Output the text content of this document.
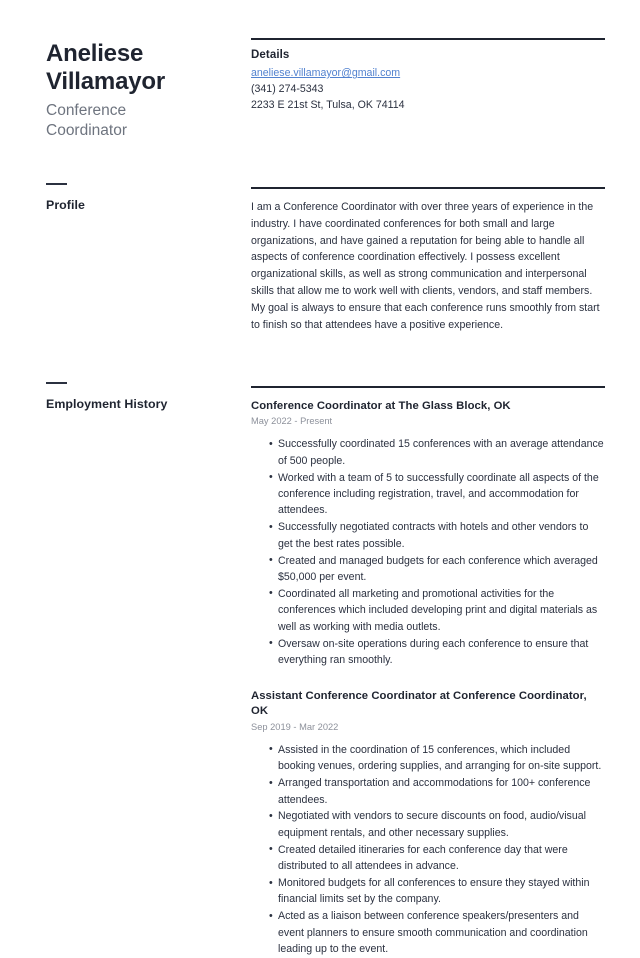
Aneliese Villamayor
Conference Coordinator
Details
aneliese.villamayor@gmail.com
(341) 274-5343
2233 E 21st St, Tulsa, OK 74114
Profile	I am a Conference Coordinator with over three years of experience in the industry. I have coordinated conferences for both small and large organizations, and have gained a reputation for being able to handle all aspects of conference coordination effectively. I possess excellent organizational skills, as well as strong communication and interpersonal skills that allow me to work well with clients, vendors, and staff members. My goal is always to ensure that each conference runs smoothly from start to finish so that attendees have a positive experience.

Employment History	Conference Coordinator at The Glass Block, OK
May 2022 - Present
• Successfully coordinated 15 conferences with an average attendance of 500 people.
• Worked with a team of 5 to successfully coordinate all aspects of the conference including registration, travel, and accommodation for attendees.
• Successfully negotiated contracts with hotels and other vendors to get the best rates possible.
• Created and managed budgets for each conference which averaged $50,000 per event.
• Coordinated all marketing and promotional activities for the conferences which included developing print and digital materials as well as working with media outlets.
• Oversaw on-site operations during each conference to ensure that everything ran smoothly.
Assistant Conference Coordinator at Conference Coordinator, OK
Sep 2019 - Mar 2022
• Assisted in the coordination of 15 conferences, which included booking venues, ordering supplies, and arranging for on-site support.
• Arranged transportation and accommodations for 100+ conference attendees.
• Negotiated with vendors to secure discounts on food, audio/visual equipment rentals, and other necessary supplies.
• Created detailed itineraries for each conference day that were distributed to all attendees in advance.
• Monitored budgets for all conferences to ensure they stayed within financial limits set by the company.
• Acted as a liaison between conference speakers/presenters and event planners to ensure smooth communication and coordination leading up to the event.
